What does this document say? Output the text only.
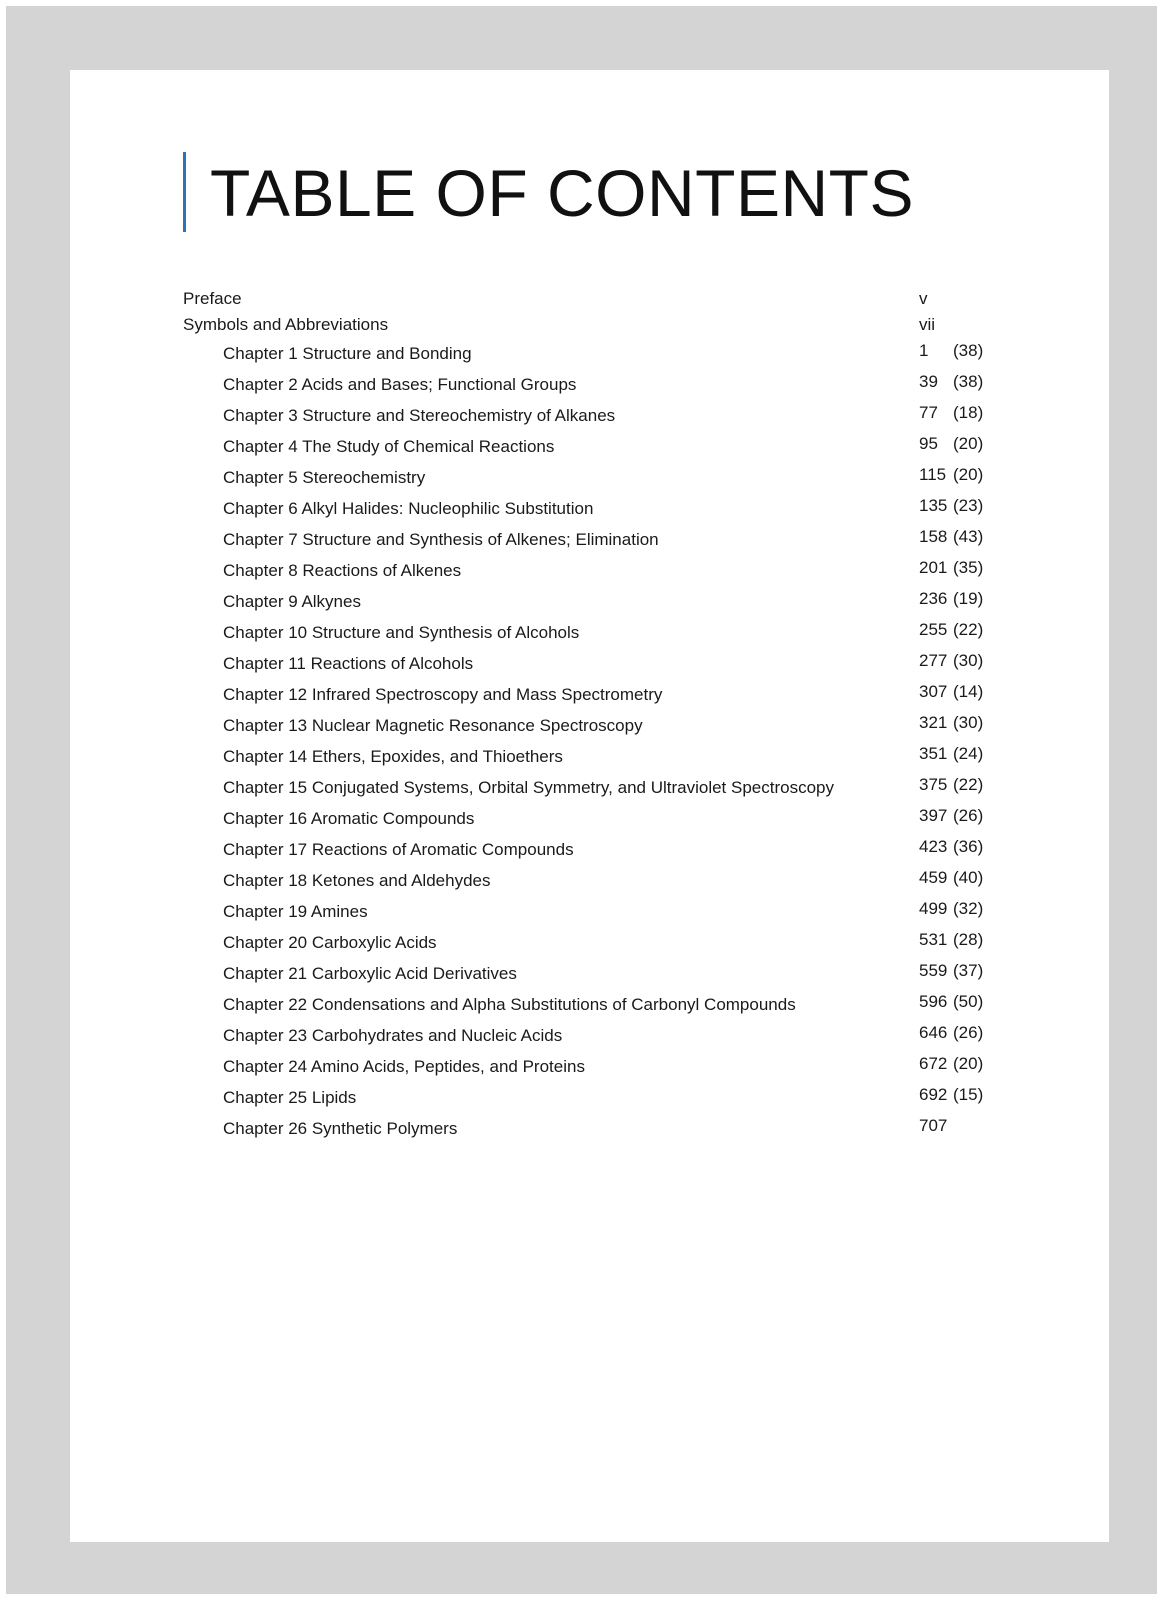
TABLE OF CONTENTS
Preface	v
Symbols and Abbreviations	vii
Chapter 1 Structure and Bonding	1 (38)
Chapter 2 Acids and Bases; Functional Groups	39 (38)
Chapter 3 Structure and Stereochemistry of Alkanes	77 (18)
Chapter 4 The Study of Chemical Reactions	95 (20)
Chapter 5 Stereochemistry	115 (20)
Chapter 6 Alkyl Halides: Nucleophilic Substitution	135 (23)
Chapter 7 Structure and Synthesis of Alkenes; Elimination	158 (43)
Chapter 8 Reactions of Alkenes	201 (35)
Chapter 9 Alkynes	236 (19)
Chapter 10 Structure and Synthesis of Alcohols	255 (22)
Chapter 11 Reactions of Alcohols	277 (30)
Chapter 12 Infrared Spectroscopy and Mass Spectrometry	307 (14)
Chapter 13 Nuclear Magnetic Resonance Spectroscopy	321 (30)
Chapter 14 Ethers, Epoxides, and Thioethers	351 (24)
Chapter 15 Conjugated Systems, Orbital Symmetry, and Ultraviolet Spectroscopy	375 (22)
Chapter 16 Aromatic Compounds	397 (26)
Chapter 17 Reactions of Aromatic Compounds	423 (36)
Chapter 18 Ketones and Aldehydes	459 (40)
Chapter 19 Amines	499 (32)
Chapter 20 Carboxylic Acids	531 (28)
Chapter 21 Carboxylic Acid Derivatives	559 (37)
Chapter 22 Condensations and Alpha Substitutions of Carbonyl Compounds	596 (50)
Chapter 23 Carbohydrates and Nucleic Acids	646 (26)
Chapter 24 Amino Acids, Peptides, and Proteins	672 (20)
Chapter 25 Lipids	692 (15)
Chapter 26 Synthetic Polymers	707
